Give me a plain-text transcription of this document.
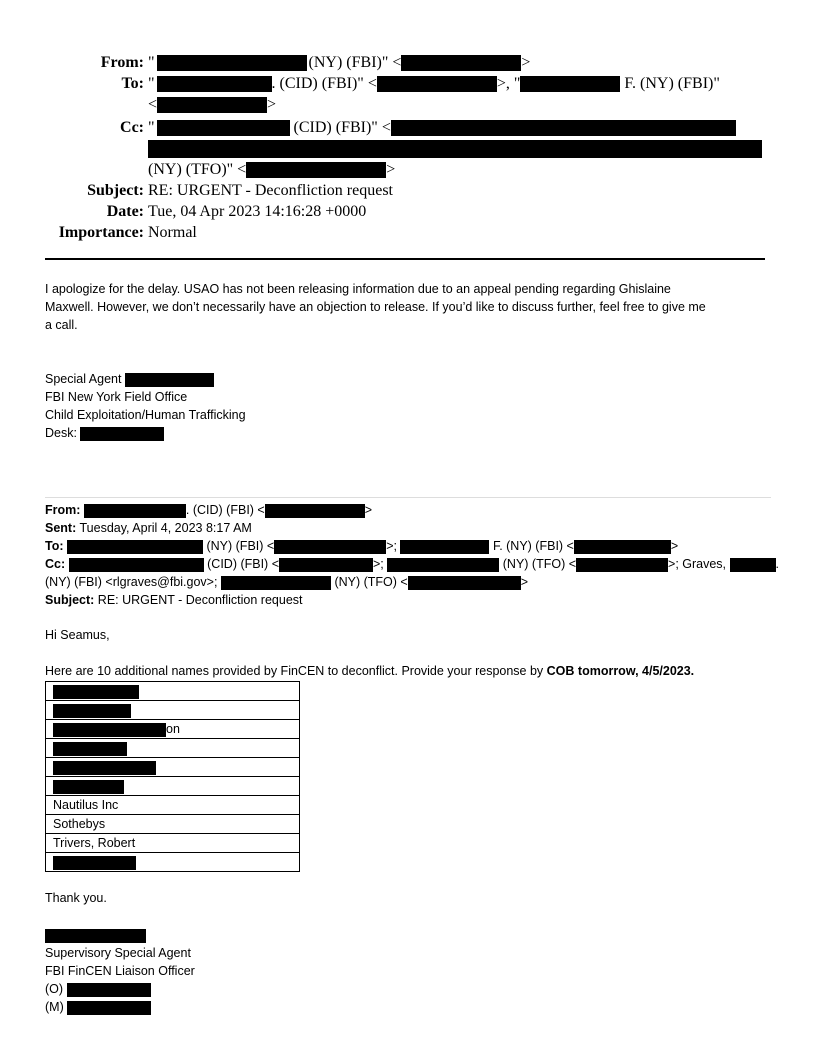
From: "	(NY) (FBI)" <	>
To: "	. (CID) (FBI)" <	>, "	F. (NY) (FBI)"
<	>
Cc: "	(CID) (FBI)" <
(NY) (TFO)" <	>
Subject: RE: URGENT - Deconfliction request
Date: Tue, 04 Apr 2023 14:16:28 +0000
Importance: Normal
I apologize for the delay. USAO has not been releasing information due to an appeal pending regarding Ghislaine
Maxwell. However, we don’t necessarily have an objection to release. If you’d like to discuss further, feel free to give me
a call.
Special Agent
FBI New York Field Office
Child Exploitation/Human Trafficking
Desk:
From:	. (CID) (FBI) <	>
Sent: Tuesday, April 4, 2023 8:17 AM
To:	(NY) (FBI) <	>;	F. (NY) (FBI) <	>
Cc:	(CID) (FBI) <	>;	(NY) (TFO) <	>; Graves,	.
(NY) (FBI) <rlgraves@fbi.gov>;	(NY) (TFO) <	>
Subject: RE: URGENT - Deconfliction request
Hi Seamus,
Here are 10 additional names provided by FinCEN to deconflict. Provide your response by COB tomorrow, 4/5/2023.

on

Nautilus Inc
Sothebys
Trivers, Robert

Thank you.
Supervisory Special Agent
FBI FinCEN Liaison Officer
(O)
(M)
